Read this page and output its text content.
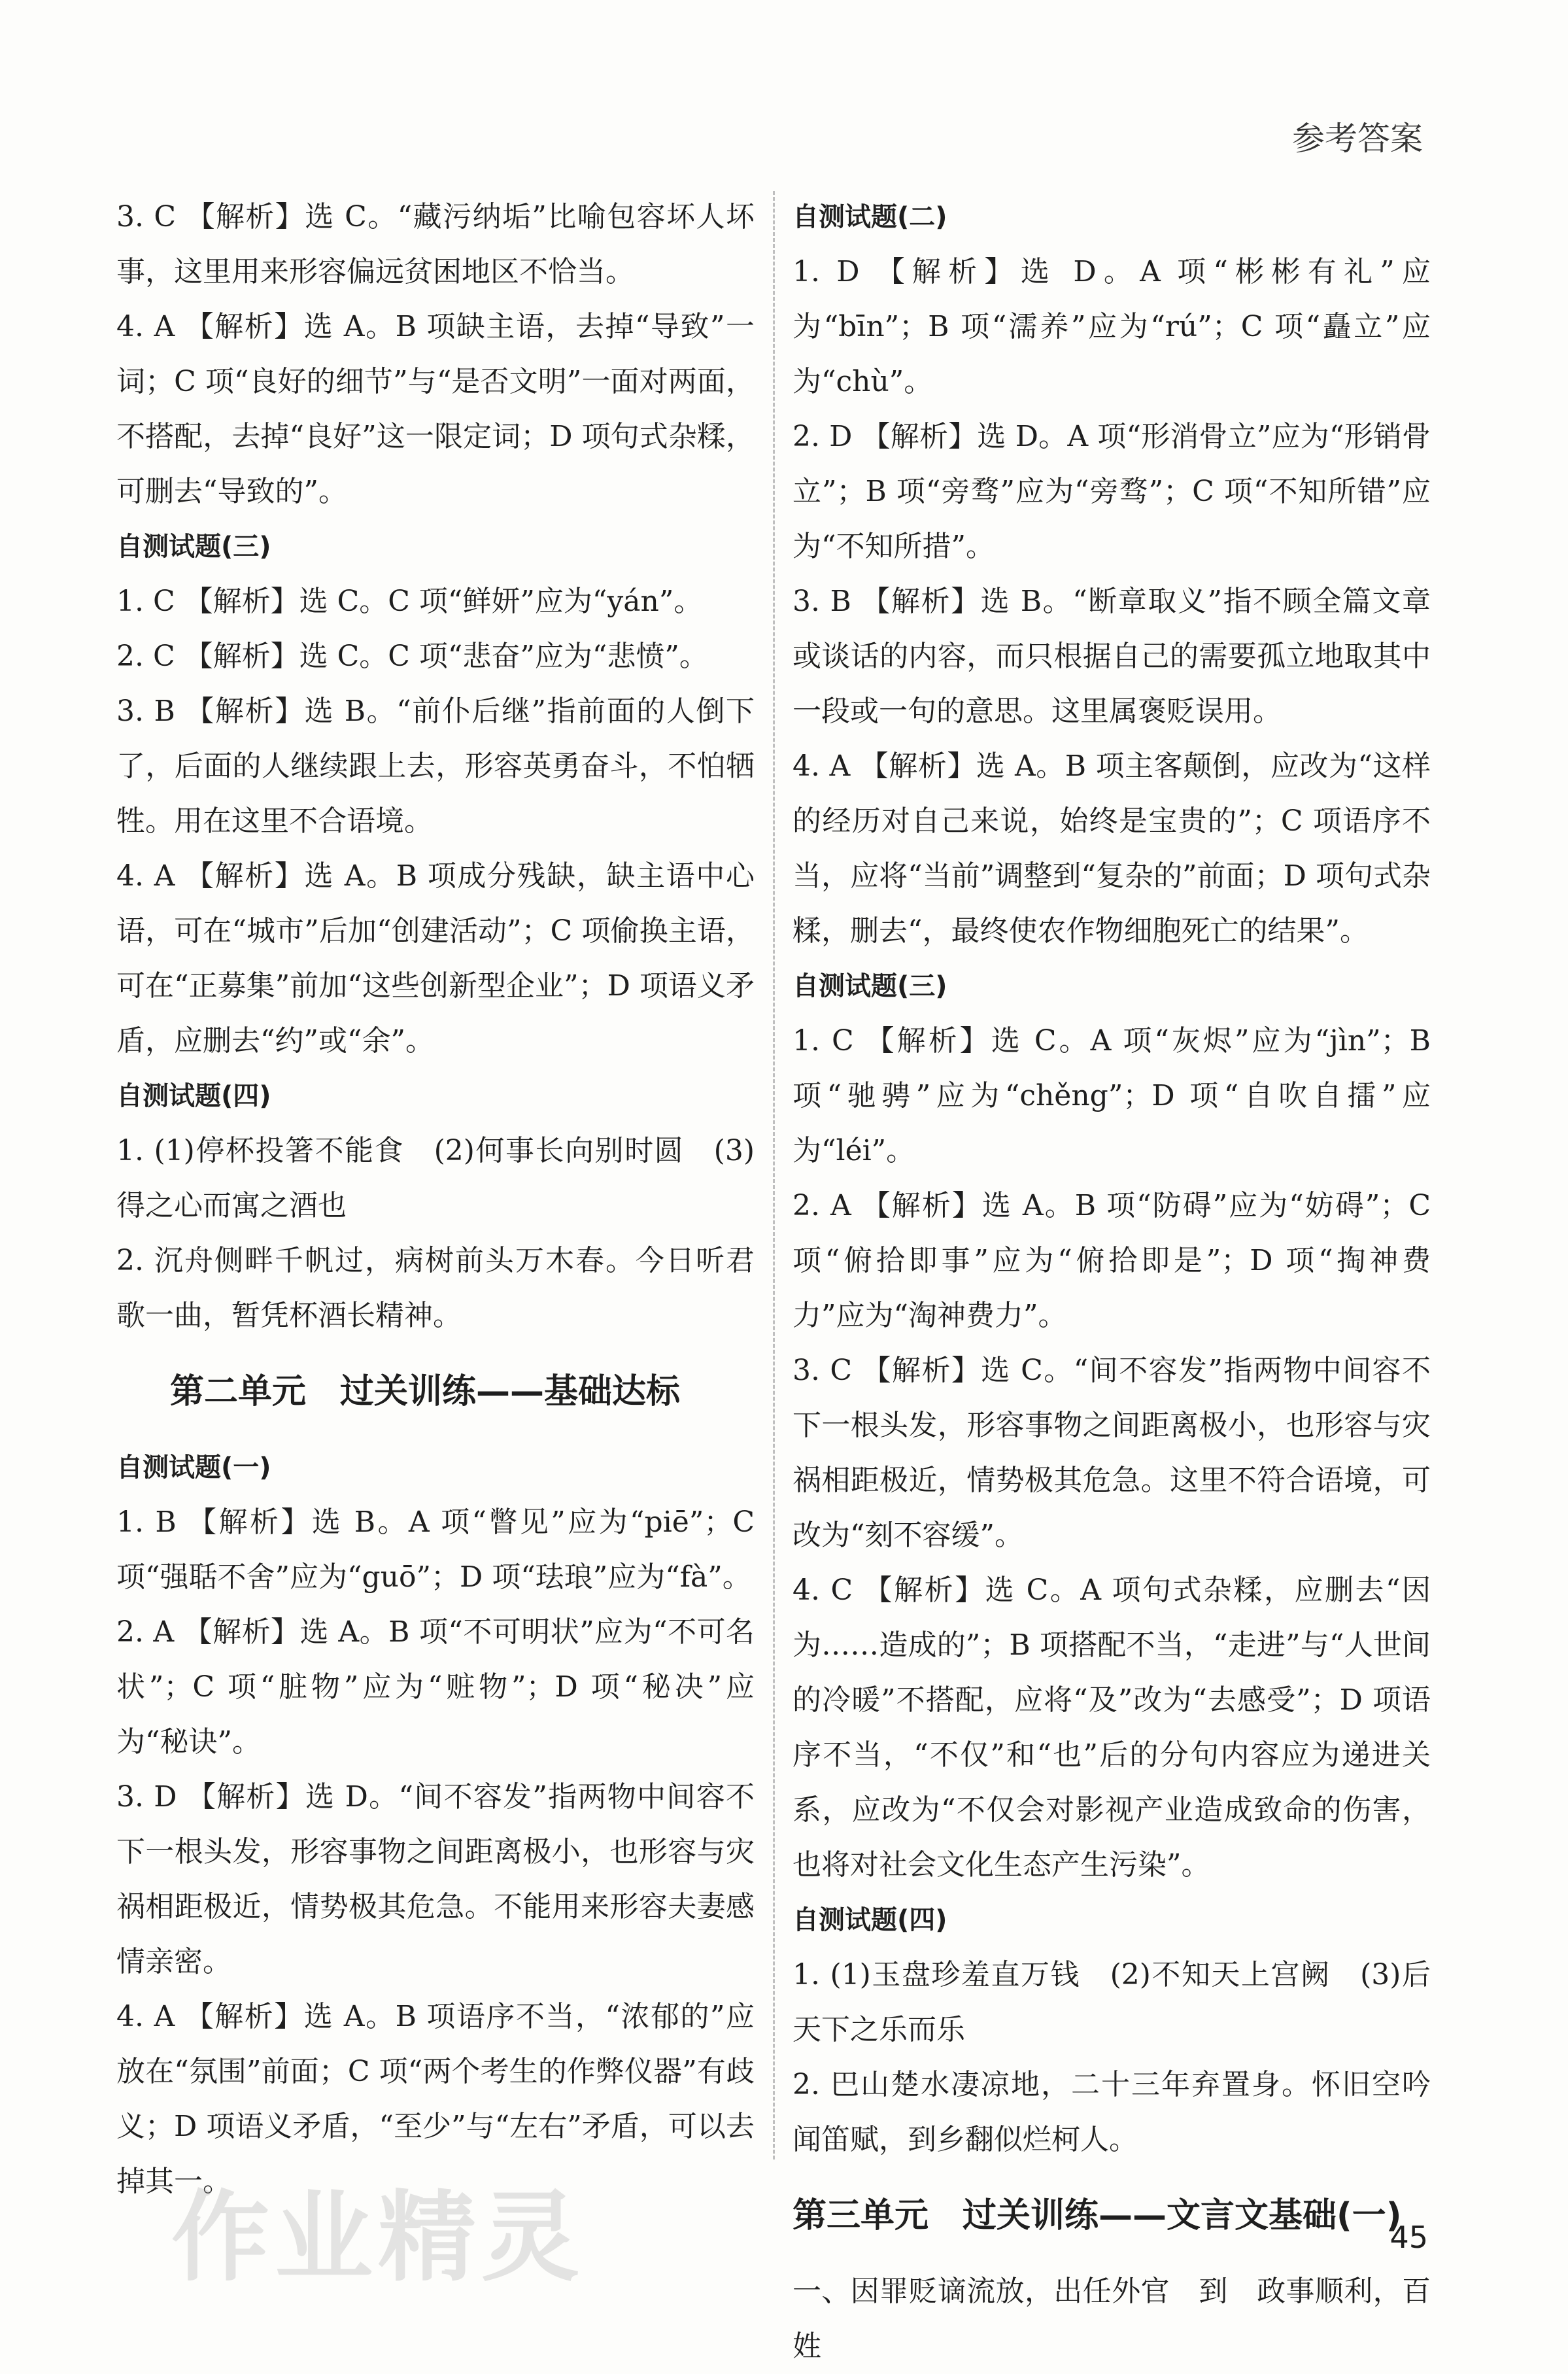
参考答案

3. C 【解析】选 C。“藏污纳垢”比喻包容坏人坏事，这里用来形容偏远贫困地区不恰当。

4. A 【解析】选 A。B 项缺主语，去掉“导致”一词；C 项“良好的细节”与“是否文明”一面对两面，不搭配，去掉“良好”这一限定词；D 项句式杂糅，可删去“导致的”。

自测试题(三)

1. C 【解析】选 C。C 项“鲜妍”应为“yán”。

2. C 【解析】选 C。C 项“悲奋”应为“悲愤”。

3. B 【解析】选 B。“前仆后继”指前面的人倒下了，后面的人继续跟上去，形容英勇奋斗，不怕牺牲。用在这里不合语境。

4. A 【解析】选 A。B 项成分残缺，缺主语中心语，可在“城市”后加“创建活动”；C 项偷换主语，可在“正募集”前加“这些创新型企业”；D 项语义矛盾，应删去“约”或“余”。

自测试题(四)

1. (1)停杯投箸不能食　(2)何事长向别时圆　(3)得之心而寓之酒也

2. 沉舟侧畔千帆过，病树前头万木春。今日听君歌一曲，暂凭杯酒长精神。

第二单元　过关训练——基础达标
自测试题(一)

1. B 【解析】选 B。A 项“瞥见”应为“piē”；C 项“强聒不舍”应为“guō”；D 项“珐琅”应为“fà”。

2. A 【解析】选 A。B 项“不可明状”应为“不可名状”；C 项“脏物”应为“赃物”；D 项“秘决”应为“秘诀”。

3. D 【解析】选 D。“间不容发”指两物中间容不下一根头发，形容事物之间距离极小，也形容与灾祸相距极近，情势极其危急。不能用来形容夫妻感情亲密。

4. A 【解析】选 A。B 项语序不当，“浓郁的”应放在“氛围”前面；C 项“两个考生的作弊仪器”有歧义；D 项语义矛盾，“至少”与“左右”矛盾，可以去掉其一。

自测试题(二)

1. D 【解析】选 D。A 项“彬彬有礼”应为“bīn”；B 项“濡养”应为“rú”；C 项“矗立”应为“chù”。

2. D 【解析】选 D。A 项“形消骨立”应为“形销骨立”；B 项“旁骛”应为“旁骛”；C 项“不知所错”应为“不知所措”。

3. B 【解析】选 B。“断章取义”指不顾全篇文章或谈话的内容，而只根据自己的需要孤立地取其中一段或一句的意思。这里属褒贬误用。

4. A 【解析】选 A。B 项主客颠倒，应改为“这样的经历对自己来说，始终是宝贵的”；C 项语序不当，应将“当前”调整到“复杂的”前面；D 项句式杂糅，删去“，最终使农作物细胞死亡的结果”。

自测试题(三)

1. C 【解析】选 C。A 项“灰烬”应为“jìn”；B 项“驰骋”应为“chěng”；D 项“自吹自擂”应为“léi”。

2. A 【解析】选 A。B 项“防碍”应为“妨碍”；C 项“俯拾即事”应为“俯拾即是”；D 项“掏神费力”应为“淘神费力”。

3. C 【解析】选 C。“间不容发”指两物中间容不下一根头发，形容事物之间距离极小，也形容与灾祸相距极近，情势极其危急。这里不符合语境，可改为“刻不容缓”。

4. C 【解析】选 C。A 项句式杂糅，应删去“因为……造成的”；B 项搭配不当，“走进”与“人世间的冷暖”不搭配，应将“及”改为“去感受”；D 项语序不当，“不仅”和“也”后的分句内容应为递进关系，应改为“不仅会对影视产业造成致命的伤害，也将对社会文化生态产生污染”。

自测试题(四)

1. (1)玉盘珍羞直万钱　(2)不知天上宫阙　(3)后天下之乐而乐

2. 巴山楚水凄凉地，二十三年弃置身。怀旧空吟闻笛赋，到乡翻似烂柯人。

第三单元　过关训练——文言文基础(一)

一、因罪贬谪流放，出任外官　到　政事顺利，百姓

作业精灵	45
